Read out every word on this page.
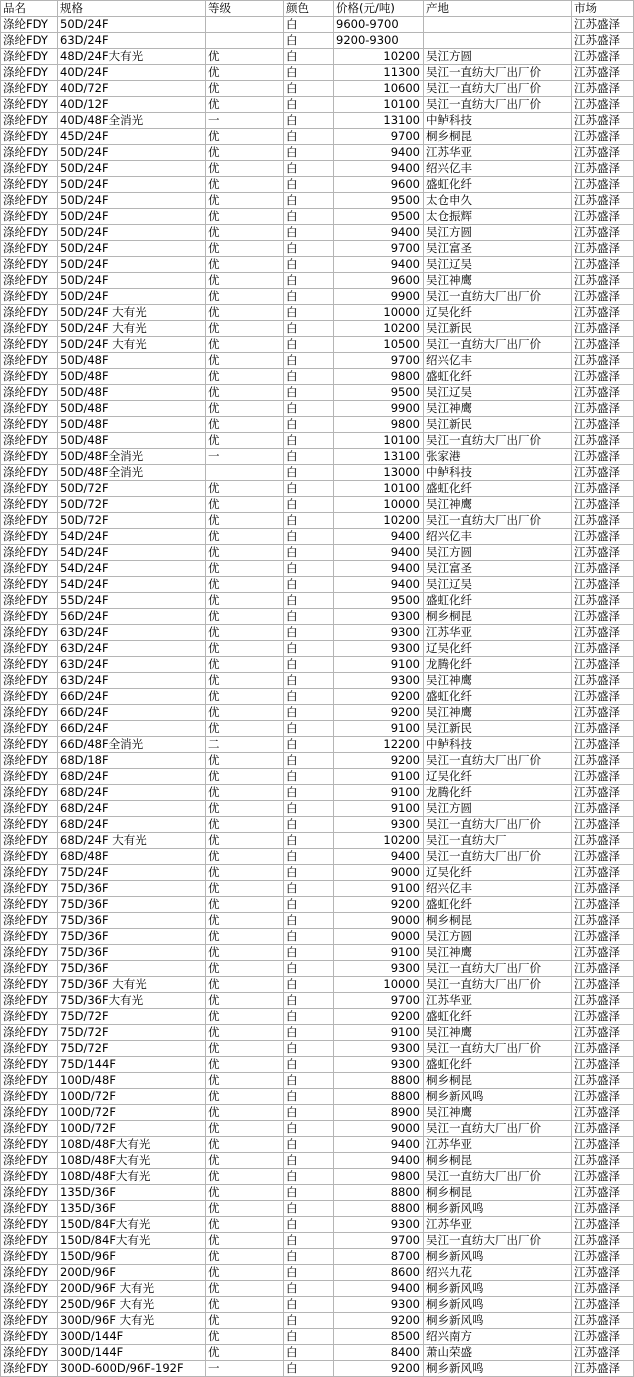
品名	规格	等级	颜色	价格(元/吨)	产地	市场
涤纶FDY	50D/24F		白	9600-9700		江苏盛泽
涤纶FDY	63D/24F		白	9200-9300		江苏盛泽
涤纶FDY	48D/24F大有光	优	白	10200	吴江方圆	江苏盛泽
涤纶FDY	40D/24F	优	白	11300	吴江一直纺大厂出厂价	江苏盛泽
涤纶FDY	40D/72F	优	白	10600	吴江一直纺大厂出厂价	江苏盛泽
涤纶FDY	40D/12F	优	白	10100	吴江一直纺大厂出厂价	江苏盛泽
涤纶FDY	40D/48F全消光	一	白	13100	中鲈科技	江苏盛泽
涤纶FDY	45D/24F	优	白	9700	桐乡桐昆	江苏盛泽
涤纶FDY	50D/24F	优	白	9400	江苏华亚	江苏盛泽
涤纶FDY	50D/24F	优	白	9400	绍兴亿丰	江苏盛泽
涤纶FDY	50D/24F	优	白	9600	盛虹化纤	江苏盛泽
涤纶FDY	50D/24F	优	白	9500	太仓申久	江苏盛泽
涤纶FDY	50D/24F	优	白	9500	太仓振辉	江苏盛泽
涤纶FDY	50D/24F	优	白	9400	吴江方圆	江苏盛泽
涤纶FDY	50D/24F	优	白	9700	吴江富圣	江苏盛泽
涤纶FDY	50D/24F	优	白	9400	吴江辽吴	江苏盛泽
涤纶FDY	50D/24F	优	白	9600	吴江神鹰	江苏盛泽
涤纶FDY	50D/24F	优	白	9900	吴江一直纺大厂出厂价	江苏盛泽
涤纶FDY	50D/24F 大有光	优	白	10000	辽吴化纤	江苏盛泽
涤纶FDY	50D/24F 大有光	优	白	10200	吴江新民	江苏盛泽
涤纶FDY	50D/24F 大有光	优	白	10500	吴江一直纺大厂出厂价	江苏盛泽
涤纶FDY	50D/48F	优	白	9700	绍兴亿丰	江苏盛泽
涤纶FDY	50D/48F	优	白	9800	盛虹化纤	江苏盛泽
涤纶FDY	50D/48F	优	白	9500	吴江辽吴	江苏盛泽
涤纶FDY	50D/48F	优	白	9900	吴江神鹰	江苏盛泽
涤纶FDY	50D/48F	优	白	9800	吴江新民	江苏盛泽
涤纶FDY	50D/48F	优	白	10100	吴江一直纺大厂出厂价	江苏盛泽
涤纶FDY	50D/48F全消光	一	白	13100	张家港	江苏盛泽
涤纶FDY	50D/48F全消光		白	13000	中鲈科技	江苏盛泽
涤纶FDY	50D/72F	优	白	10100	盛虹化纤	江苏盛泽
涤纶FDY	50D/72F	优	白	10000	吴江神鹰	江苏盛泽
涤纶FDY	50D/72F	优	白	10200	吴江一直纺大厂出厂价	江苏盛泽
涤纶FDY	54D/24F	优	白	9400	绍兴亿丰	江苏盛泽
涤纶FDY	54D/24F	优	白	9400	吴江方圆	江苏盛泽
涤纶FDY	54D/24F	优	白	9400	吴江富圣	江苏盛泽
涤纶FDY	54D/24F	优	白	9400	吴江辽吴	江苏盛泽
涤纶FDY	55D/24F	优	白	9500	盛虹化纤	江苏盛泽
涤纶FDY	56D/24F	优	白	9300	桐乡桐昆	江苏盛泽
涤纶FDY	63D/24F	优	白	9300	江苏华亚	江苏盛泽
涤纶FDY	63D/24F	优	白	9300	辽吴化纤	江苏盛泽
涤纶FDY	63D/24F	优	白	9100	龙腾化纤	江苏盛泽
涤纶FDY	63D/24F	优	白	9300	吴江神鹰	江苏盛泽
涤纶FDY	66D/24F	优	白	9200	盛虹化纤	江苏盛泽
涤纶FDY	66D/24F	优	白	9200	吴江神鹰	江苏盛泽
涤纶FDY	66D/24F	优	白	9100	吴江新民	江苏盛泽
涤纶FDY	66D/48F全消光	二	白	12200	中鲈科技	江苏盛泽
涤纶FDY	68D/18F	优	白	9200	吴江一直纺大厂出厂价	江苏盛泽
涤纶FDY	68D/24F	优	白	9100	辽吴化纤	江苏盛泽
涤纶FDY	68D/24F	优	白	9100	龙腾化纤	江苏盛泽
涤纶FDY	68D/24F	优	白	9100	吴江方圆	江苏盛泽
涤纶FDY	68D/24F	优	白	9300	吴江一直纺大厂出厂价	江苏盛泽
涤纶FDY	68D/24F 大有光	优	白	10200	吴江一直纺大厂	江苏盛泽
涤纶FDY	68D/48F	优	白	9400	吴江一直纺大厂出厂价	江苏盛泽
涤纶FDY	75D/24F	优	白	9000	辽吴化纤	江苏盛泽
涤纶FDY	75D/36F	优	白	9100	绍兴亿丰	江苏盛泽
涤纶FDY	75D/36F	优	白	9200	盛虹化纤	江苏盛泽
涤纶FDY	75D/36F	优	白	9000	桐乡桐昆	江苏盛泽
涤纶FDY	75D/36F	优	白	9000	吴江方圆	江苏盛泽
涤纶FDY	75D/36F	优	白	9100	吴江神鹰	江苏盛泽
涤纶FDY	75D/36F	优	白	9300	吴江一直纺大厂出厂价	江苏盛泽
涤纶FDY	75D/36F 大有光	优	白	10000	吴江一直纺大厂出厂价	江苏盛泽
涤纶FDY	75D/36F大有光	优	白	9700	江苏华亚	江苏盛泽
涤纶FDY	75D/72F	优	白	9200	盛虹化纤	江苏盛泽
涤纶FDY	75D/72F	优	白	9100	吴江神鹰	江苏盛泽
涤纶FDY	75D/72F	优	白	9300	吴江一直纺大厂出厂价	江苏盛泽
涤纶FDY	75D/144F	优	白	9300	盛虹化纤	江苏盛泽
涤纶FDY	100D/48F	优	白	8800	桐乡桐昆	江苏盛泽
涤纶FDY	100D/72F	优	白	8800	桐乡新风鸣	江苏盛泽
涤纶FDY	100D/72F	优	白	8900	吴江神鹰	江苏盛泽
涤纶FDY	100D/72F	优	白	9000	吴江一直纺大厂出厂价	江苏盛泽
涤纶FDY	108D/48F大有光	优	白	9400	江苏华亚	江苏盛泽
涤纶FDY	108D/48F大有光	优	白	9400	桐乡桐昆	江苏盛泽
涤纶FDY	108D/48F大有光	优	白	9800	吴江一直纺大厂出厂价	江苏盛泽
涤纶FDY	135D/36F	优	白	8800	桐乡桐昆	江苏盛泽
涤纶FDY	135D/36F	优	白	8800	桐乡新风鸣	江苏盛泽
涤纶FDY	150D/84F大有光	优	白	9300	江苏华亚	江苏盛泽
涤纶FDY	150D/84F大有光	优	白	9700	吴江一直纺大厂出厂价	江苏盛泽
涤纶FDY	150D/96F	优	白	8700	桐乡新风鸣	江苏盛泽
涤纶FDY	200D/96F	优	白	8600	绍兴九花	江苏盛泽
涤纶FDY	200D/96F 大有光	优	白	9400	桐乡新风鸣	江苏盛泽
涤纶FDY	250D/96F 大有光	优	白	9300	桐乡新风鸣	江苏盛泽
涤纶FDY	300D/96F 大有光	优	白	9200	桐乡新风鸣	江苏盛泽
涤纶FDY	300D/144F	优	白	8500	绍兴南方	江苏盛泽
涤纶FDY	300D/144F	优	白	8400	萧山荣盛	江苏盛泽
涤纶FDY	300D-600D/96F-192F	一	白	9200	桐乡新风鸣	江苏盛泽
